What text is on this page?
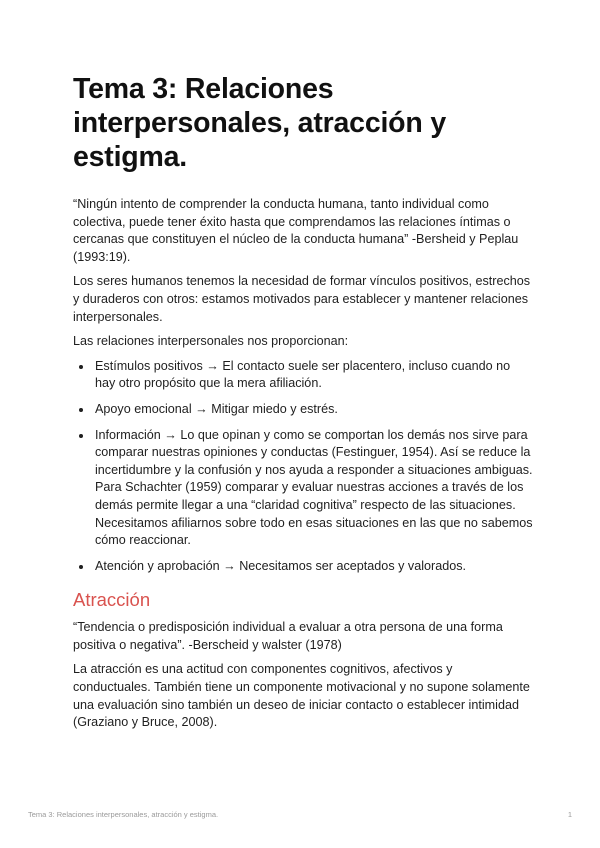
Tema 3: Relaciones interpersonales, atracción y estigma.

“Ningún intento de comprender la conducta humana, tanto individual como colectiva, puede tener éxito hasta que comprendamos las relaciones íntimas o cercanas que constituyen el núcleo de la conducta humana” -Bersheid y Peplau (1993:19).

Los seres humanos tenemos la necesidad de formar vínculos positivos, estrechos y duraderos con otros: estamos motivados para establecer y mantener relaciones interpersonales.

Las relaciones interpersonales nos proporcionan:

• Estímulos positivos → El contacto suele ser placentero, incluso cuando no hay otro propósito que la mera afiliación.
• Apoyo emocional → Mitigar miedo y estrés.
• Información → Lo que opinan y como se comportan los demás nos sirve para comparar nuestras opiniones y conductas (Festinguer, 1954). Así se reduce la incertidumbre y la confusión y nos ayuda a responder a situaciones ambiguas. Para Schachter (1959) comparar y evaluar nuestras acciones a través de los demás permite llegar a una “claridad cognitiva” respecto de las situaciones. Necesitamos afiliarnos sobre todo en esas situaciones en las que no sabemos cómo reaccionar.
• Atención y aprobación → Necesitamos ser aceptados y valorados.
Atracción

“Tendencia o predisposición individual a evaluar a otra persona de una forma positiva o negativa”. -Berscheid y walster (1978)

La atracción es una actitud con componentes cognitivos, afectivos y conductuales. También tiene un componente motivacional y no supone solamente una evaluación sino también un deseo de iniciar contacto o establecer intimidad (Graziano y Bruce, 2008).

Tema 3: Relaciones interpersonales, atracción y estigma.	1
